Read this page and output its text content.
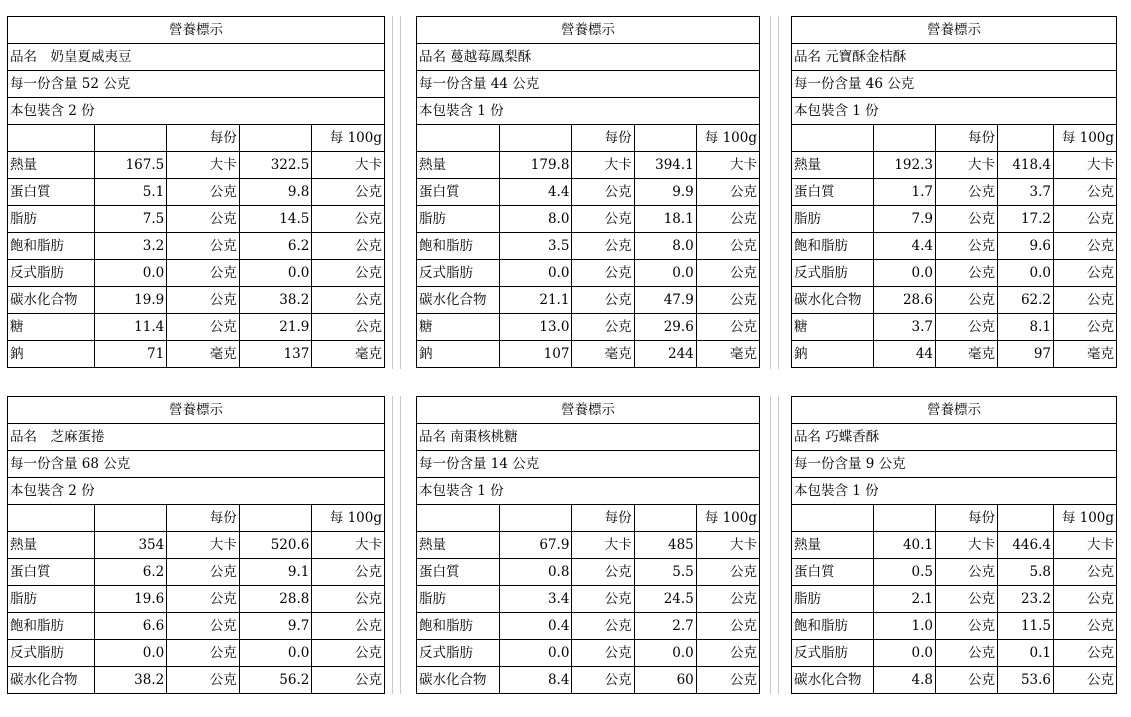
營養標示				
品名　奶皇夏威夷豆				
每一份含量 52 公克				
本包裝含 2 份				
		每份		每 100g
熱量	167.5	大卡	322.5	大卡
蛋白質	5.1	公克	9.8	公克
脂肪	7.5	公克	14.5	公克
飽和脂肪	3.2	公克	6.2	公克
反式脂肪	0.0	公克	0.0	公克
碳水化合物	19.9	公克	38.2	公克
糖	11.4	公克	21.9	公克
鈉	71	毫克	137	毫克
營養標示				
品名 蔓越莓鳳梨酥				
每一份含量 44 公克				
本包裝含 1 份				
		每份		每 100g
熱量	179.8	大卡	394.1	大卡
蛋白質	4.4	公克	9.9	公克
脂肪	8.0	公克	18.1	公克
飽和脂肪	3.5	公克	8.0	公克
反式脂肪	0.0	公克	0.0	公克
碳水化合物	21.1	公克	47.9	公克
糖	13.0	公克	29.6	公克
鈉	107	毫克	244	毫克
營養標示				
品名 元寶酥金桔酥				
每一份含量 46 公克				
本包裝含 1 份				
		每份		每 100g
熱量	192.3	大卡	418.4	大卡
蛋白質	1.7	公克	3.7	公克
脂肪	7.9	公克	17.2	公克
飽和脂肪	4.4	公克	9.6	公克
反式脂肪	0.0	公克	0.0	公克
碳水化合物	28.6	公克	62.2	公克
糖	3.7	公克	8.1	公克
鈉	44	毫克	97	毫克
營養標示				
品名　芝麻蛋捲				
每一份含量 68 公克				
本包裝含 2 份				
		每份		每 100g
熱量	354	大卡	520.6	大卡
蛋白質	6.2	公克	9.1	公克
脂肪	19.6	公克	28.8	公克
飽和脂肪	6.6	公克	9.7	公克
反式脂肪	0.0	公克	0.0	公克
碳水化合物	38.2	公克	56.2	公克
營養標示				
品名 南棗核桃糖				
每一份含量 14 公克				
本包裝含 1 份				
		每份		每 100g
熱量	67.9	大卡	485	大卡
蛋白質	0.8	公克	5.5	公克
脂肪	3.4	公克	24.5	公克
飽和脂肪	0.4	公克	2.7	公克
反式脂肪	0.0	公克	0.0	公克
碳水化合物	8.4	公克	60	公克
營養標示				
品名 巧蝶香酥				
每一份含量 9 公克				
本包裝含 1 份				
		每份		每 100g
熱量	40.1	大卡	446.4	大卡
蛋白質	0.5	公克	5.8	公克
脂肪	2.1	公克	23.2	公克
飽和脂肪	1.0	公克	11.5	公克
反式脂肪	0.0	公克	0.1	公克
碳水化合物	4.8	公克	53.6	公克
